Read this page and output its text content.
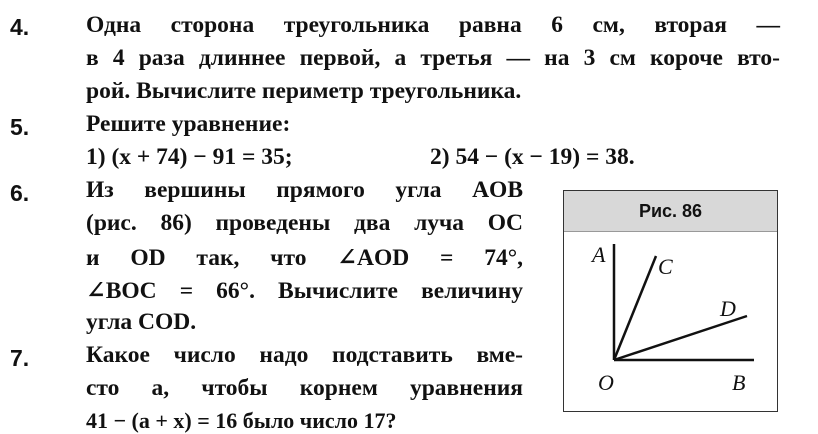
4. Одна сторона треугольника равна 6 см, вторая —
в 4 раза длиннее первой, а третья — на 3 см короче вто-
рой. Вычислите периметр треугольника.
5. Решите уравнение:
1) (x + 74) − 91 = 35;	2) 54 − (x − 19) = 38.
6. Из вершины прямого угла AOB
(рис. 86) проведены два луча OC
и OD так, что ∠AOD = 74°,
∠BOC = 66°. Вычислите величину
угла COD.
7. Какое число надо подставить вме-
сто a, чтобы корнем уравнения
41 − (a + x) = 16 было число 17?
Рис. 86
A C
D
O	B
